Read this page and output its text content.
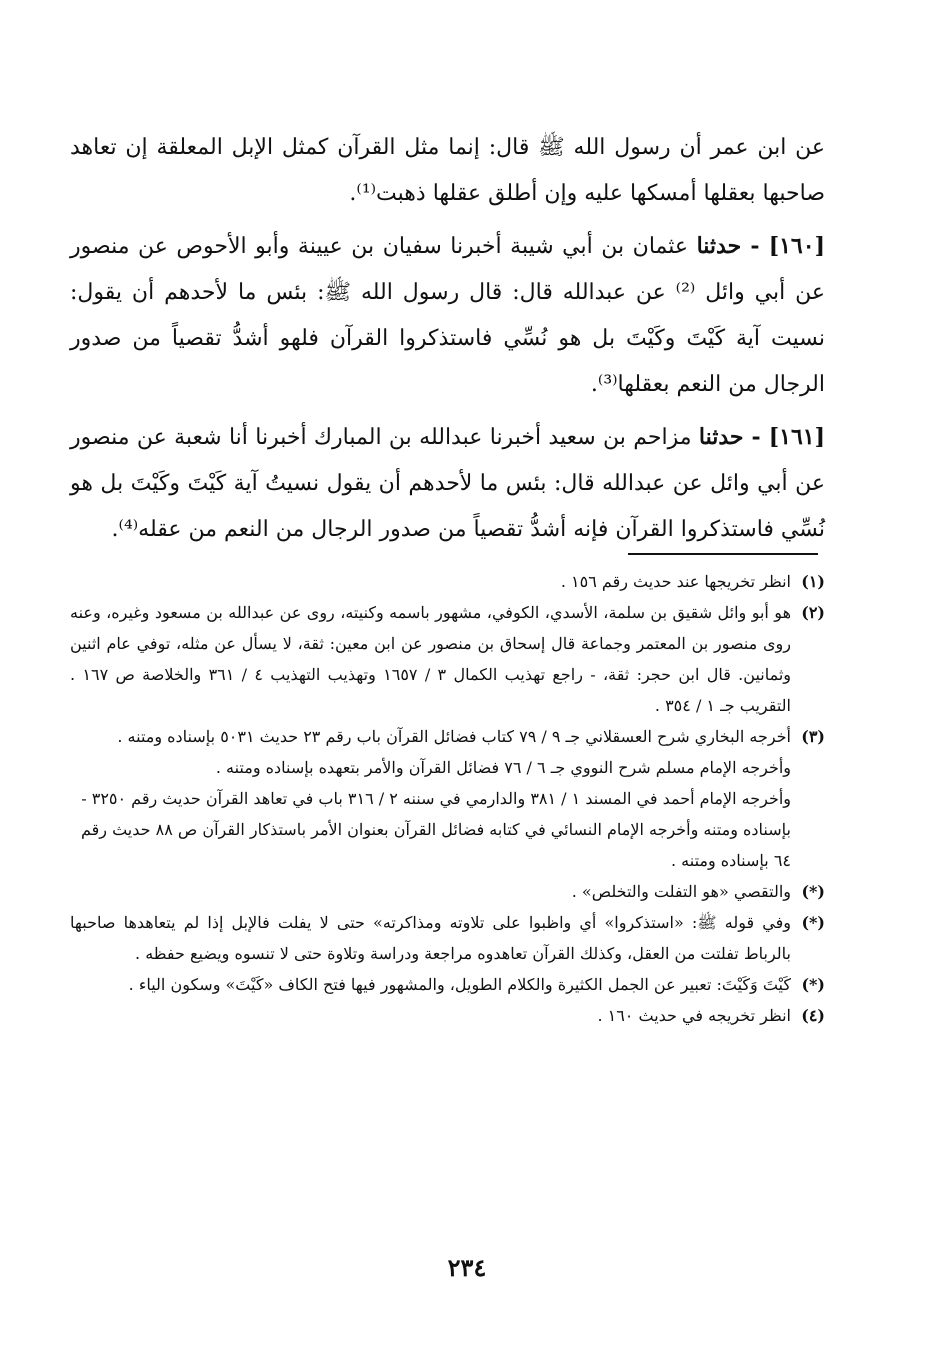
عن ابن عمر أن رسول الله ﷺ قال: إنما مثل القرآن كمثل الإبل المعلقة إن تعاهد صاحبها بعقلها أمسكها عليه وإن أطلق عقلها ذهبت⁽¹⁾.

[١٦٠] - حدثنا عثمان بن أبي شيبة أخبرنا سفيان بن عيينة وأبو الأحوص عن منصور عن أبي وائل ⁽²⁾ عن عبدالله قال: قال رسول الله ﷺ: بئس ما لأحدهم أن يقول: نسيت آية كَيْتَ وكَيْتَ بل هو نُسِّي فاستذكروا القرآن فلهو أشدُّ تقصياً من صدور الرجال من النعم بعقلها⁽³⁾.

[١٦١] - حدثنا مزاحم بن سعيد أخبرنا عبدالله بن المبارك أخبرنا أنا شعبة عن منصور عن أبي وائل عن عبدالله قال: بئس ما لأحدهم أن يقول نسيتُ آية كَيْتَ وكَيْتَ بل هو نُسِّي فاستذكروا القرآن فإنه أشدُّ تقصياً من صدور الرجال من النعم من عقله⁽⁴⁾.

(١)
انظر تخريجها عند حديث رقم ١٥٦ .
(٢)
هو أبو وائل شقيق بن سلمة، الأسدي، الكوفي، مشهور باسمه وكنيته، روى عن عبدالله بن مسعود وغيره، وعنه روى منصور بن المعتمر وجماعة قال إسحاق بن منصور عن ابن معين: ثقة، لا يسأل عن مثله، توفي عام اثنين وثمانين. قال ابن حجر: ثقة، - راجع تهذيب الكمال ٣ / ١٦٥٧ وتهذيب التهذيب ٤ / ٣٦١ والخلاصة ص ١٦٧ . التقريب جـ ١ / ٣٥٤ .
(٣)
أخرجه البخاري شرح العسقلاني جـ ٩ / ٧٩ كتاب فضائل القرآن باب رقم ٢٣ حديث ٥٠٣١ بإسناده ومتنه .
وأخرجه الإمام مسلم شرح النووي جـ ٦ / ٧٦ فضائل القرآن والأمر بتعهده بإسناده ومتنه .
وأخرجه الإمام أحمد في المسند ١ / ٣٨١ والدارمي في سننه ٢ / ٣١٦ باب في تعاهد القرآن حديث رقم ٣٢٥٠ - بإسناده ومتنه وأخرجه الإمام النسائي في كتابه فضائل القرآن بعنوان الأمر باستذكار القرآن ص ٨٨ حديث رقم ٦٤ بإسناده ومتنه .
(*)
والتقصي «هو التفلت والتخلص» .
(*)
وفي قوله ﷺ: «استذكروا» أي واظبوا على تلاوته ومذاكرته» حتى لا يفلت فالإبل إذا لم يتعاهدها صاحبها بالرباط تفلتت من العقل، وكذلك القرآن تعاهدوه مراجعة ودراسة وتلاوة حتى لا تنسوه ويضيع حفظه .
(*)
كَيْتَ وَكَيْتَ: تعبير عن الجمل الكثيرة والكلام الطويل، والمشهور فيها فتح الكاف «كَيْتَ» وسكون الياء .
(٤)
انظر تخريجه في حديث ١٦٠ .
٢٣٤
